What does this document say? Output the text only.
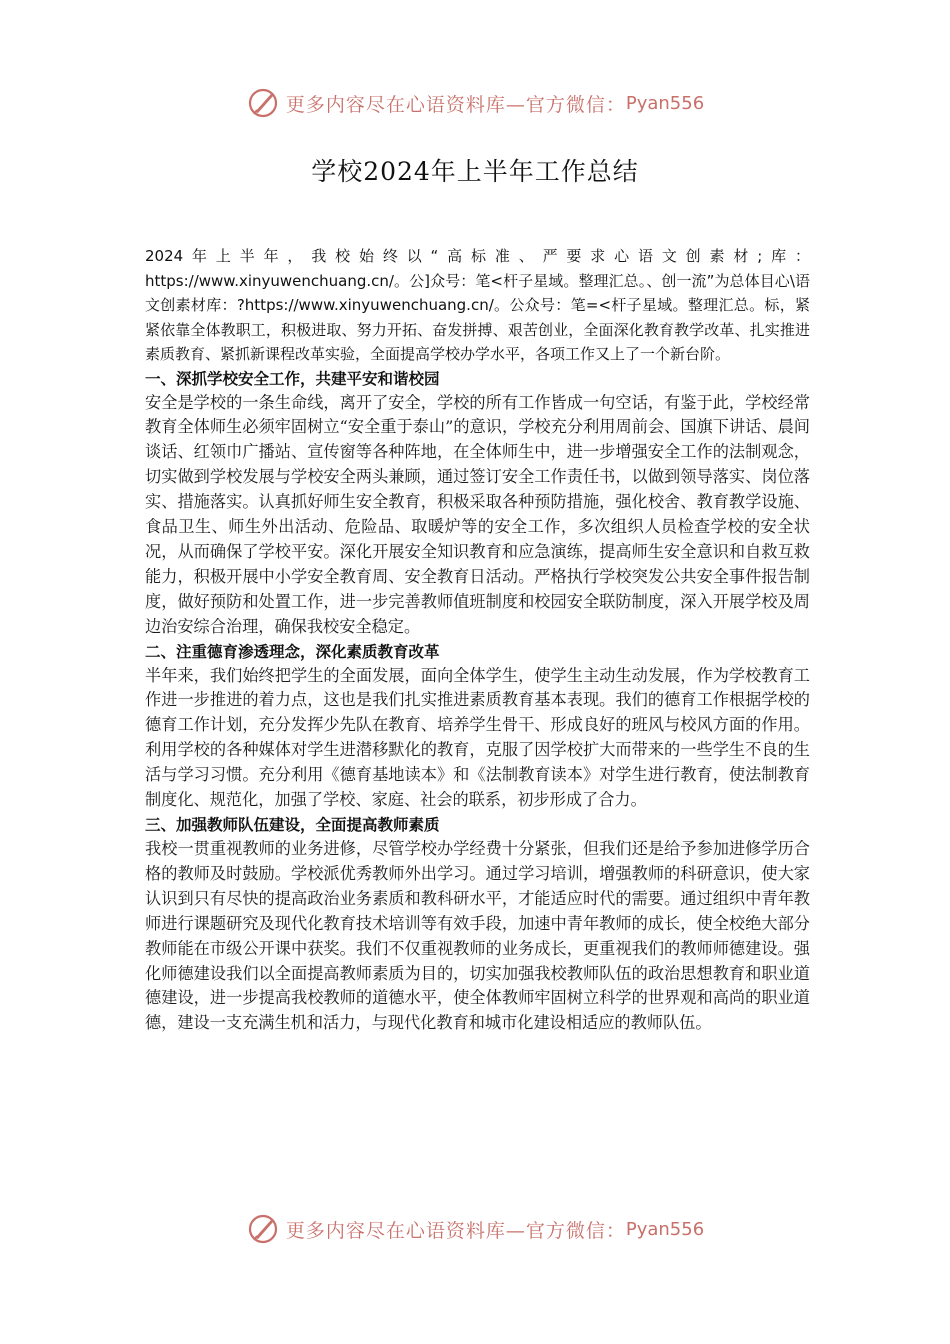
更多内容尽在心语资料库—官方微信： Pyan556
学校2024年上半年工作总结

2024年上半年，我校始终以“高标准、严要求心语文创素材;库：https://www.xinyuwenchuang.cn/。公]众号：笔<杆子星域。整理汇总。、创一流”为总体目心\语文创素材库：?https://www.xinyuwenchuang.cn/。公众号：笔=<杆子星域。整理汇总。标，紧紧依靠全体教职工，积极进取、努力开拓、奋发拼搏、艰苦创业，全面深化教育教学改革、扎实推进素质教育、紧抓新课程改革实验，全面提高学校办学水平，各项工作又上了一个新台阶。

一、深抓学校安全工作，共建平安和谐校园

安全是学校的一条生命线，离开了安全，学校的所有工作皆成一句空话，有鉴于此，学校经常教育全体师生必须牢固树立“安全重于泰山”的意识，学校充分利用周前会、国旗下讲话、晨间谈话、红领巾广播站、宣传窗等各种阵地，在全体师生中，进一步增强安全工作的法制观念，切实做到学校发展与学校安全两头兼顾，通过签订安全工作责任书，以做到领导落实、岗位落实、措施落实。认真抓好师生安全教育，积极采取各种预防措施，强化校舍、教育教学设施、食品卫生、师生外出活动、危险品、取暖炉等的安全工作，多次组织人员检查学校的安全状况，从而确保了学校平安。深化开展安全知识教育和应急演练，提高师生安全意识和自救互救能力，积极开展中小学安全教育周、安全教育日活动。严格执行学校突发公共安全事件报告制度，做好预防和处置工作，进一步完善教师值班制度和校园安全联防制度，深入开展学校及周边治安综合治理，确保我校安全稳定。

二、注重德育渗透理念，深化素质教育改革

半年来，我们始终把学生的全面发展，面向全体学生，使学生主动生动发展，作为学校教育工作进一步推进的着力点，这也是我们扎实推进素质教育基本表现。我们的德育工作根据学校的德育工作计划，充分发挥少先队在教育、培养学生骨干、形成良好的班风与校风方面的作用。利用学校的各种媒体对学生进潜移默化的教育，克服了因学校扩大而带来的一些学生不良的生活与学习习惯。充分利用《德育基地读本》和《法制教育读本》对学生进行教育，使法制教育制度化、规范化，加强了学校、家庭、社会的联系，初步形成了合力。

三、加强教师队伍建设，全面提高教师素质

我校一贯重视教师的业务进修，尽管学校办学经费十分紧张，但我们还是给予参加进修学历合格的教师及时鼓励。学校派优秀教师外出学习。通过学习培训，增强教师的科研意识，使大家认识到只有尽快的提高政治业务素质和教科研水平，才能适应时代的需要。通过组织中青年教师进行课题研究及现代化教育技术培训等有效手段，加速中青年教师的成长，使全校绝大部分教师能在市级公开课中获奖。我们不仅重视教师的业务成长，更重视我们的教师师德建设。强化师德建设我们以全面提高教师素质为目的，切实加强我校教师队伍的政治思想教育和职业道德建设，进一步提高我校教师的道德水平，使全体教师牢固树立科学的世界观和高尚的职业道德，建设一支充满生机和活力，与现代化教育和城市化建设相适应的教师队伍。

更多内容尽在心语资料库—官方微信： Pyan556
